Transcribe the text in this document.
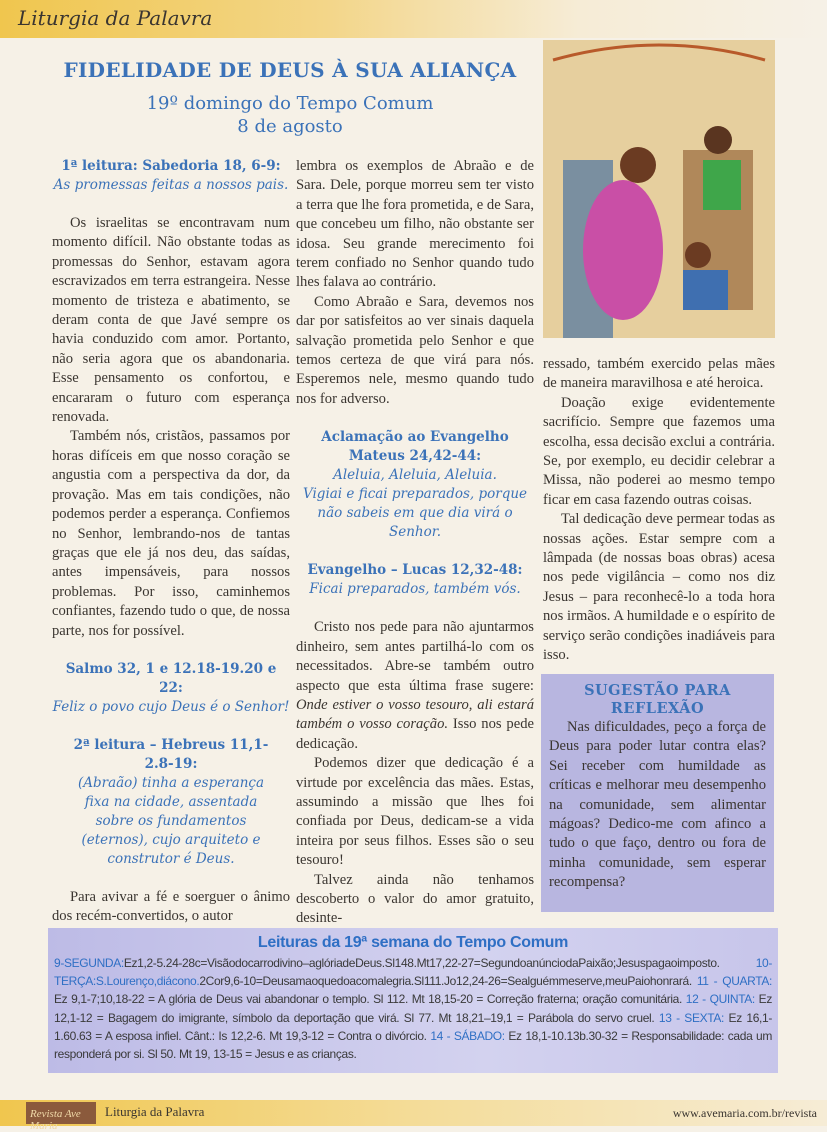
Liturgia da Palavra
FIDELIDADE DE DEUS À SUA ALIANÇA
19º domingo do Tempo Comum
8 de agosto

1ª leitura: Sabedoria 18, 6-9: As promessas feitas a nossos pais.

Os israelitas se encontravam num momento difícil. Não obstante todas as promessas do Senhor, estavam agora escravizados em terra estrangeira. Nesse momento de tristeza e abatimento, se deram conta de que Javé sempre os havia conduzido com amor. Portanto, não seria agora que os abandonaria. Esse pensamento os confortou, e encararam o futuro com esperança renovada.

Também nós, cristãos, passamos por horas difíceis em que nosso coração se angustia com a perspectiva da dor, da provação. Mas em tais condições, não podemos perder a esperança. Confiemos no Senhor, lembrando-nos de tantas graças que ele já nos deu, das saídas, antes impensáveis, para nossos problemas. Por isso, caminhemos confiantes, fazendo tudo o que, de nossa parte, nos for possível.

Salmo 32, 1 e 12.18-19.20 e 22:
Feliz o povo cujo Deus é o Senhor!

2ª leitura – Hebreus 11,1-2.8-19:
(Abraão) tinha a esperança fixa na cidade, assentada sobre os fundamentos (eternos), cujo arquiteto e construtor é Deus.

Para avivar a fé e soerguer o ânimo dos recém-convertidos, o autor

lembra os exemplos de Abraão e de Sara. Dele, porque morreu sem ter visto a terra que lhe fora prometida, e de Sara, que concebeu um filho, não obstante ser idosa. Seu grande merecimento foi terem confiado no Senhor quando tudo lhes falava ao contrário.

Como Abraão e Sara, devemos nos dar por satisfeitos ao ver sinais daquela salvação prometida pelo Senhor e que temos certeza de que virá para nós. Esperemos nele, mesmo quando tudo nos for adverso.

Aclamação ao Evangelho
Mateus 24,42-44:
Aleluia, Aleluia, Aleluia.
Vigiai e ficai preparados, porque não sabeis em que dia virá o Senhor.

Evangelho – Lucas 12,32-48:
Ficai preparados, também vós.

Cristo nos pede para não ajuntarmos dinheiro, sem antes partilhá-lo com os necessitados. Abre-se também outro aspecto que esta última frase sugere: Onde estiver o vosso tesouro, ali estará também o vosso coração. Isso nos pede dedicação.

Podemos dizer que dedicação é a virtude por excelência das mães. Estas, assumindo a missão que lhes foi confiada por Deus, dedicam-se a vida inteira por seus filhos. Esses são o seu tesouro!

Talvez ainda não tenhamos descoberto o valor do amor gratuito, desinte-

ressado, também exercido pelas mães de maneira maravilhosa e até heroica.

Doação exige evidentemente sacrifício. Sempre que fazemos uma escolha, essa decisão exclui a contrária. Se, por exemplo, eu decidir celebrar a Missa, não poderei ao mesmo tempo ficar em casa fazendo outras coisas.

Tal dedicação deve permear todas as nossas ações. Estar sempre com a lâmpada (de nossas boas obras) acesa nos pede vigilância – como nos diz Jesus – para reconhecê-lo a toda hora nos irmãos. A humildade e o espírito de serviço serão condições inadiáveis para isso.

SUGESTÃO PARA REFLEXÃO

Nas dificuldades, peço a força de Deus para poder lutar contra elas? Sei receber com humildade as críticas e melhorar meu desempenho na comunidade, sem alimentar mágoas? Dedico-me com afinco a tudo o que faço, dentro ou fora de minha comunidade, sem esperar recompensa?

Leituras da 19ª semana do Tempo Comum
9-SEGUNDA:Ez1,2-5.24-28c=Visãodocarrodivino–aglóriadeDeus.Sl148.Mt17,22-27=SegundoanúnciodaPaixão;Jesuspagaoimposto. 10-TERÇA:S.Lourenço,diácono.2Cor9,6-10=Deusamaoquedoacomalegria.Sl111.Jo12,24-26=Sealguémmeserve,meuPaiohonrará. 11 - QUARTA: Ez 9,1-7;10,18-22 = A glória de Deus vai abandonar o templo. Sl 112. Mt 18,15-20 = Correção fraterna; oração comunitária. 12 - QUINTA: Ez 12,1-12 = Bagagem do imigrante, símbolo da deportação que virá. Sl 77. Mt 18,21–19,1 = Parábola do servo cruel. 13 - SEXTA: Ez 16,1-1.60.63 = A esposa infiel. Cânt.: Is 12,2-6. Mt 19,3-12 = Contra o divórcio. 14 - SÁBADO: Ez 18,1-10.13b.30-32 = Responsabilidade: cada um responderá por si. Sl 50. Mt 19, 13-15 = Jesus e as crianças.
Revista Ave Maria
Liturgia da Palavra	www.avemaria.com.br/revista
